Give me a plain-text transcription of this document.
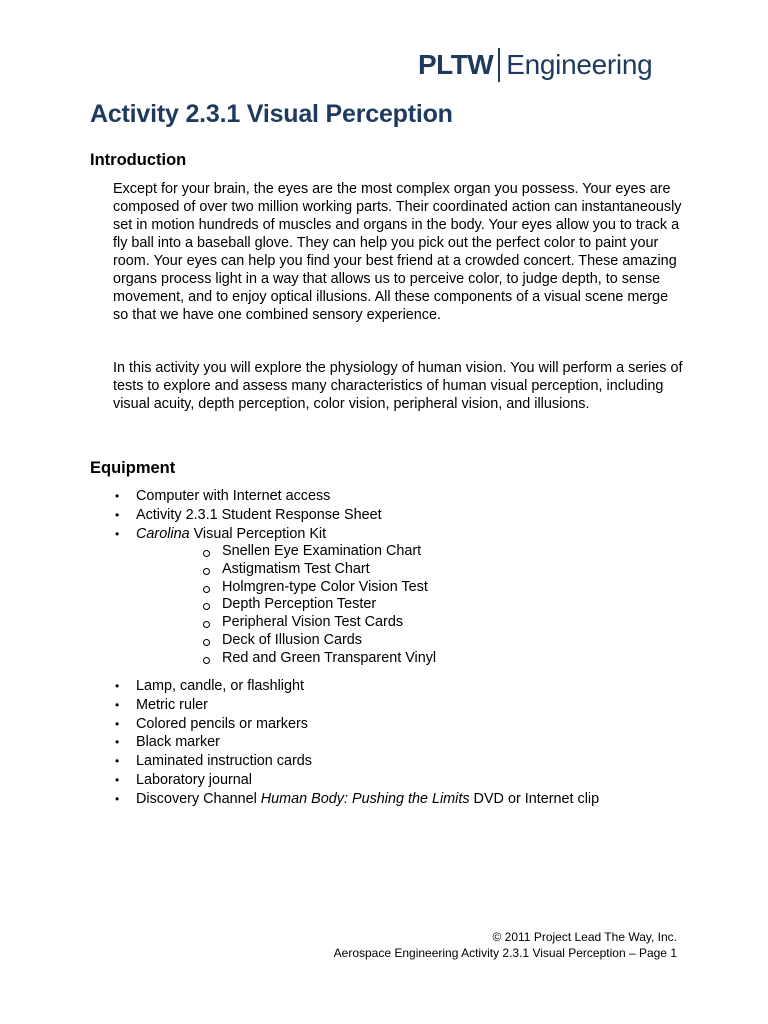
PLTW Engineering
Activity 2.3.1 Visual Perception
Introduction

Except for your brain, the eyes are the most complex organ you possess. Your eyes are composed of over two million working parts. Their coordinated action can instantaneously set in motion hundreds of muscles and organs in the body. Your eyes allow you to track a fly ball into a baseball glove. They can help you pick out the perfect color to paint your room. Your eyes can help you find your best friend at a crowded concert. These amazing organs process light in a way that allows us to perceive color, to judge depth, to sense movement, and to enjoy optical illusions. All these components of a visual scene merge so that we have one combined sensory experience.

In this activity you will explore the physiology of human vision. You will perform a series of tests to explore and assess many characteristics of human visual perception, including visual acuity, depth perception, color vision, peripheral vision, and illusions.

Equipment
• Computer with Internet access
• Activity 2.3.1 Student Response Sheet
• Carolina Visual Perception Kit
Snellen Eye Examination Chart
Astigmatism Test Chart
Holmgren-type Color Vision Test
Depth Perception Tester
Peripheral Vision Test Cards
Deck of Illusion Cards
Red and Green Transparent Vinyl
• Lamp, candle, or flashlight
• Metric ruler
• Colored pencils or markers
• Black marker
• Laminated instruction cards
• Laboratory journal
• Discovery Channel Human Body: Pushing the Limits DVD or Internet clip
© 2011 Project Lead The Way, Inc.
Aerospace Engineering Activity 2.3.1 Visual Perception – Page 1
